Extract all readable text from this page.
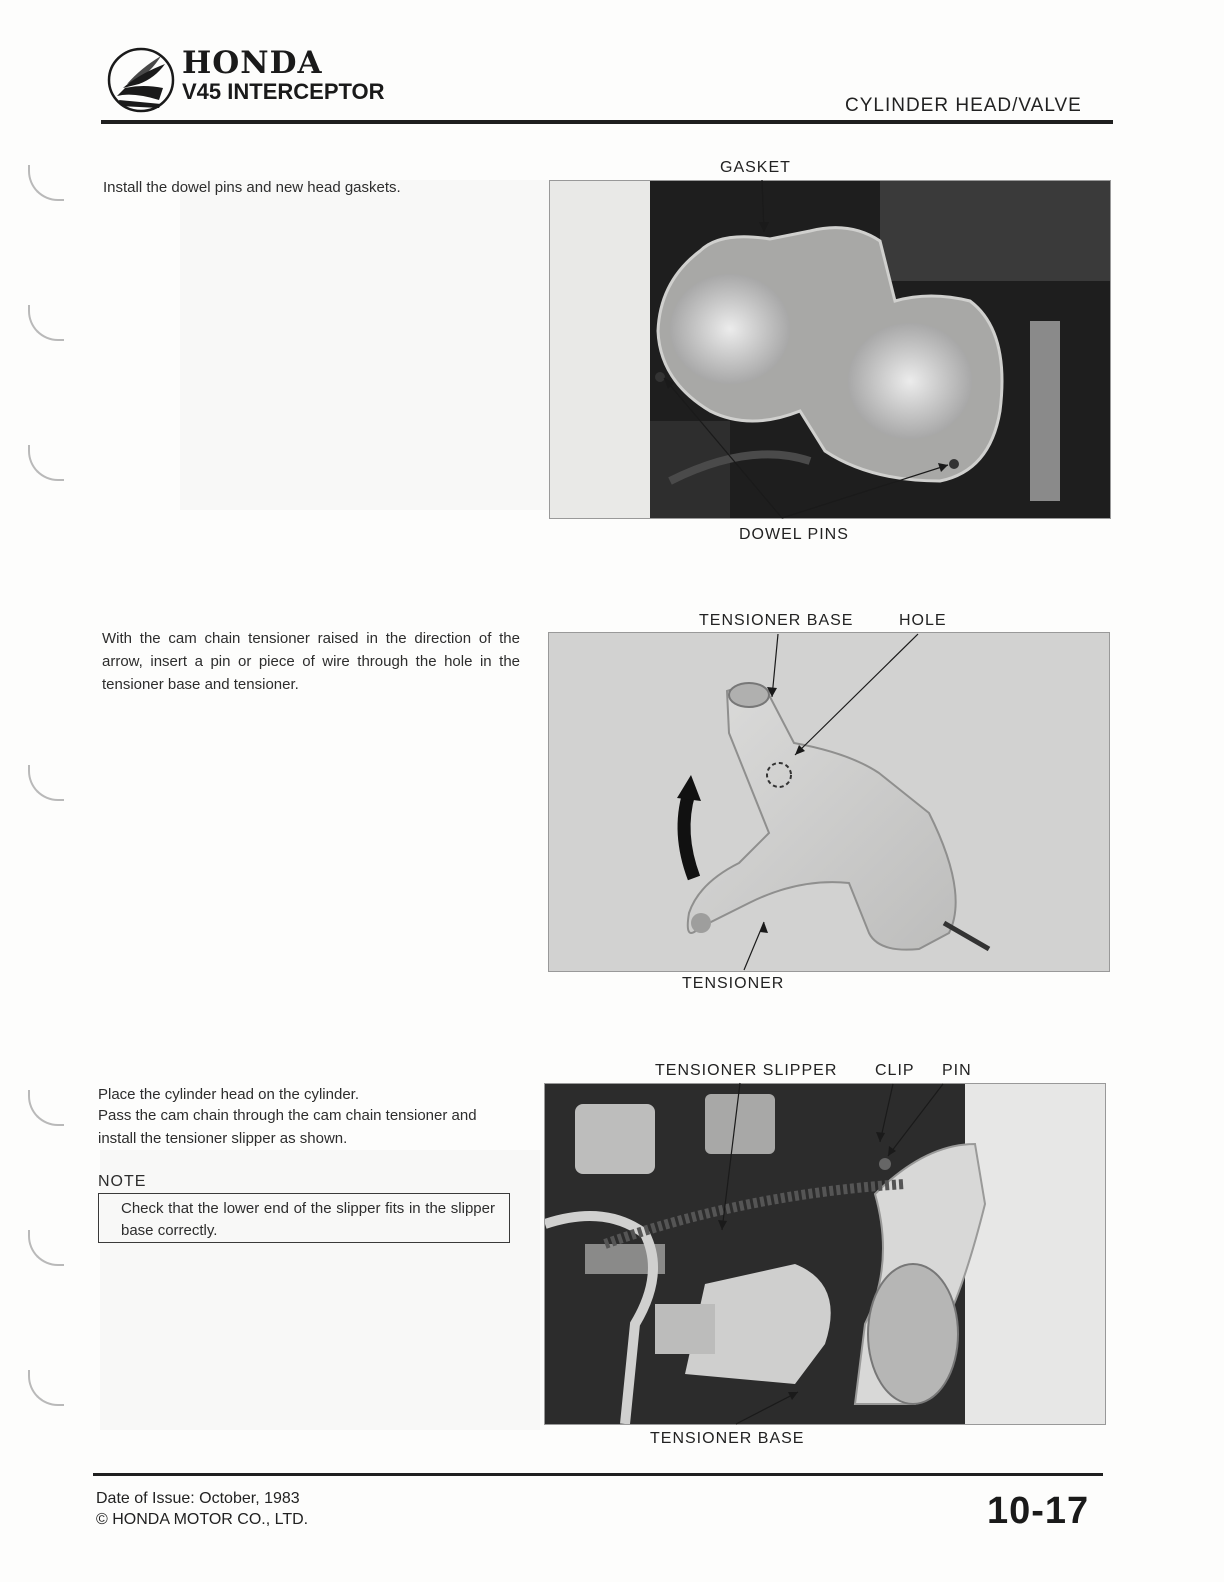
HONDA
V45 INTERCEPTOR
CYLINDER HEAD/VALVE
Install the dowel pins and new head gaskets.
GASKET
DOWEL PINS
With the cam chain tensioner raised in the direction of the arrow, insert a pin or piece of wire through the hole in the tensioner base and tensioner.
TENSIONER BASE	HOLE
TENSIONER
Place the cylinder head on the cylinder.
Pass the cam chain through the cam chain tensioner and install the tensioner slipper as shown.
NOTE
Check that the lower end of the slipper fits in the slipper base correctly.
TENSIONER SLIPPER CLIP PIN
TENSIONER BASE
Date of Issue: October, 1983
© HONDA MOTOR CO., LTD.	10-17
